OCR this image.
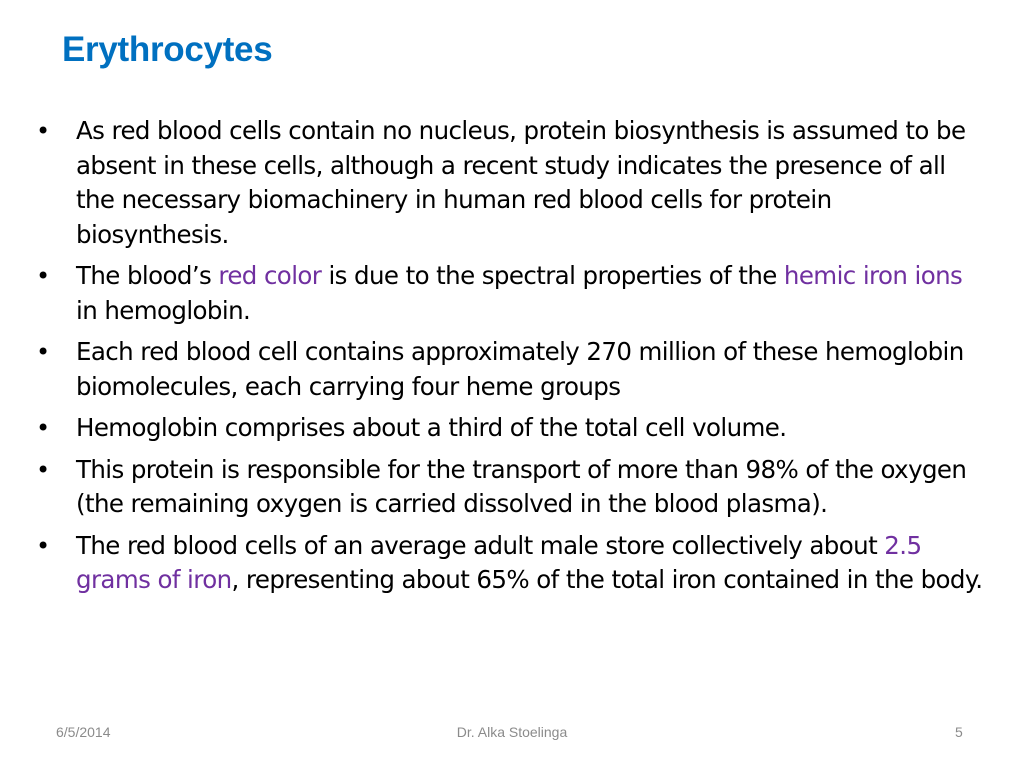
Erythrocytes
• As red blood cells contain no nucleus, protein biosynthesis is assumed to be absent in these cells, although a recent study indicates the presence of all the necessary biomachinery in human red blood cells for protein biosynthesis.
• The blood’s red color is due to the spectral properties of the hemic iron ions in hemoglobin.
• Each red blood cell contains approximately 270 million of these hemoglobin biomolecules, each carrying four heme groups
• Hemoglobin comprises about a third of the total cell volume.
• This protein is responsible for the transport of more than 98% of the oxygen (the remaining oxygen is carried dissolved in the blood plasma).
• The red blood cells of an average adult male store collectively about 2.5 grams of iron, representing about 65% of the total iron contained in the body.
6/5/2014	Dr. Alka Stoelinga	5
